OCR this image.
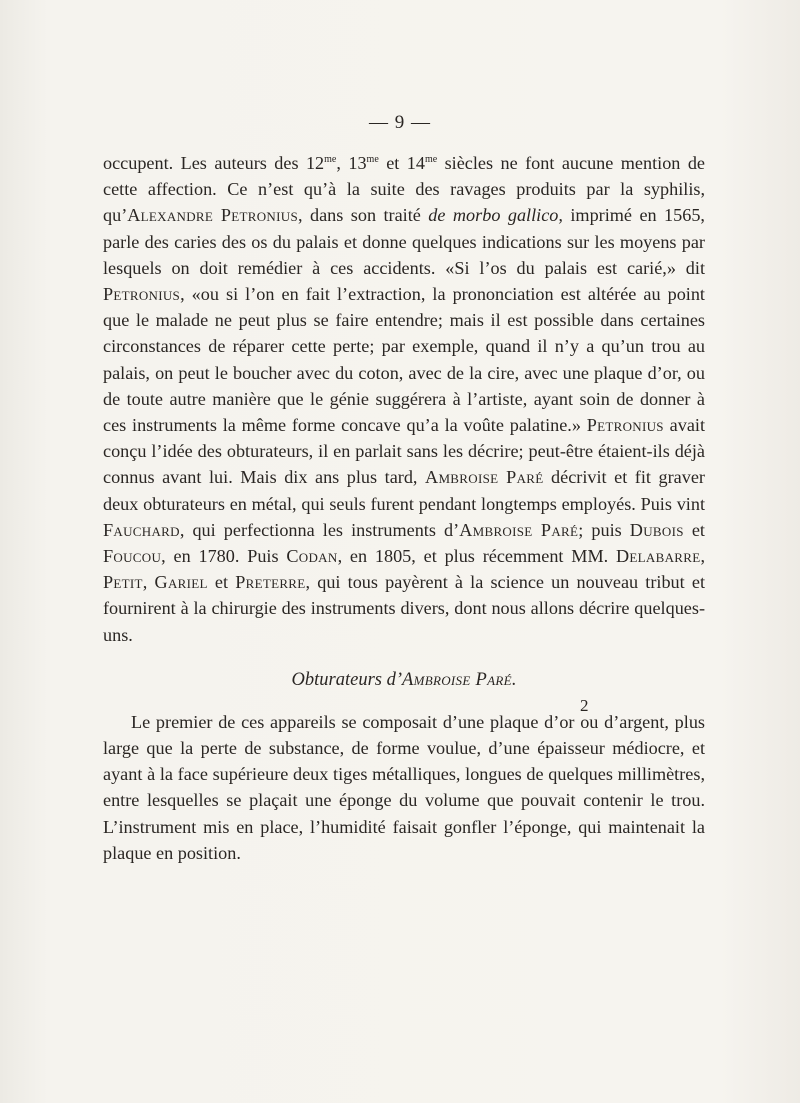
— 9 —

occupent. Les auteurs des $12^{me}$, $13^{me}$ et $14^{me}$ siècles ne font aucune mention de cette affection. Ce n’est qu’à la suite des ravages produits par la syphilis, qu’Alexandre Petronius, dans son traité de morbo gallico, imprimé en 1565, parle des caries des os du palais et donne quelques indications sur les moyens par lesquels on doit remédier à ces accidents. «Si l’os du palais est carié,» dit Petronius, «ou si l’on en fait l’extraction, la prononciation est altérée au point que le malade ne peut plus se faire entendre; mais il est possible dans certaines circonstances de réparer cette perte; par exemple, quand il n’y a qu’un trou au palais, on peut le boucher avec du coton, avec de la cire, avec une plaque d’or, ou de toute autre manière que le génie suggérera à l’artiste, ayant soin de donner à ces instruments la même forme concave qu’a la voûte palatine.» Petronius avait conçu l’idée des obturateurs, il en parlait sans les décrire; peut-être étaient-ils déjà connus avant lui. Mais dix ans plus tard, Ambroise Paré décrivit et fit graver deux obturateurs en métal, qui seuls furent pendant longtemps employés. Puis vint Fauchard, qui perfectionna les instruments d’Ambroise Paré; puis Dubois et Foucou, en 1780. Puis Codan, en 1805, et plus récemment MM. Delabarre, Petit, Gariel et Preterre, qui tous payèrent à la science un nouveau tribut et fournirent à la chirurgie des instruments divers, dont nous allons décrire quelques-uns.

Obturateurs d’Ambroise Paré.

Le premier de ces appareils se composait d’une plaque d’or ou d’argent, plus large que la perte de substance, de forme voulue, d’une épaisseur médiocre, et ayant à la face supérieure deux tiges métalliques, longues de quelques millimètres, entre lesquelles se plaçait une éponge du volume que pouvait contenir le trou. L’instrument mis en place, l’humidité faisait gonfler l’éponge, qui maintenait la plaque en position.

2
